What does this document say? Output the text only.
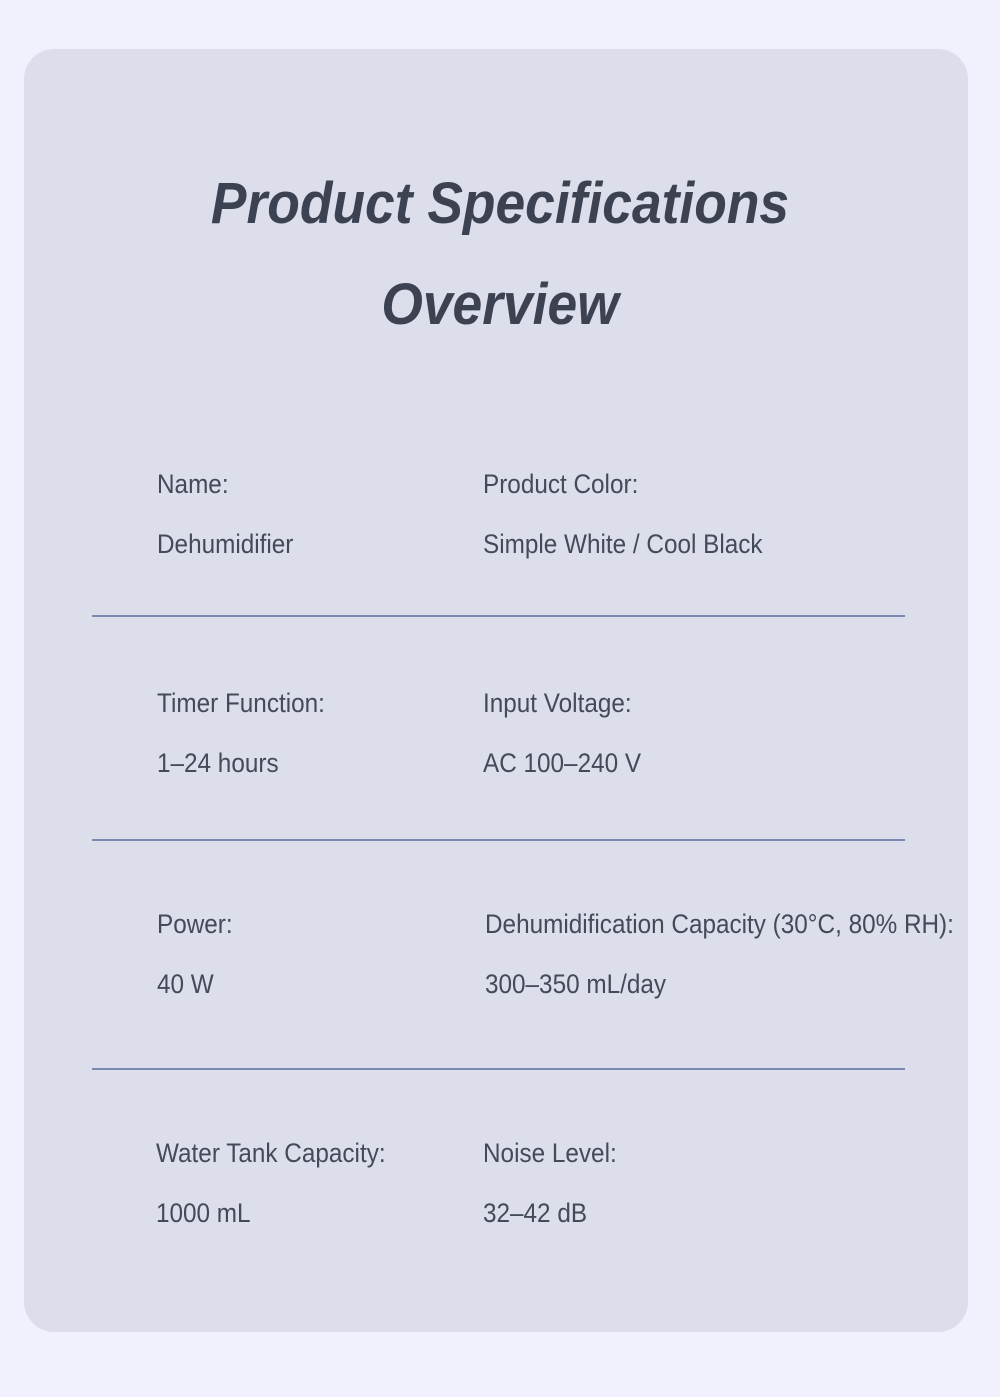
Product Specifications
Overview
Name:
Dehumidifier
Product Color:
Simple White / Cool Black
Timer Function:
1–24 hours
Input Voltage:
AC 100–240 V
Power:
40 W
Dehumidification Capacity (30°C, 80% RH):
300–350 mL/day
Water Tank Capacity:
1000 mL
Noise Level:
32–42 dB
